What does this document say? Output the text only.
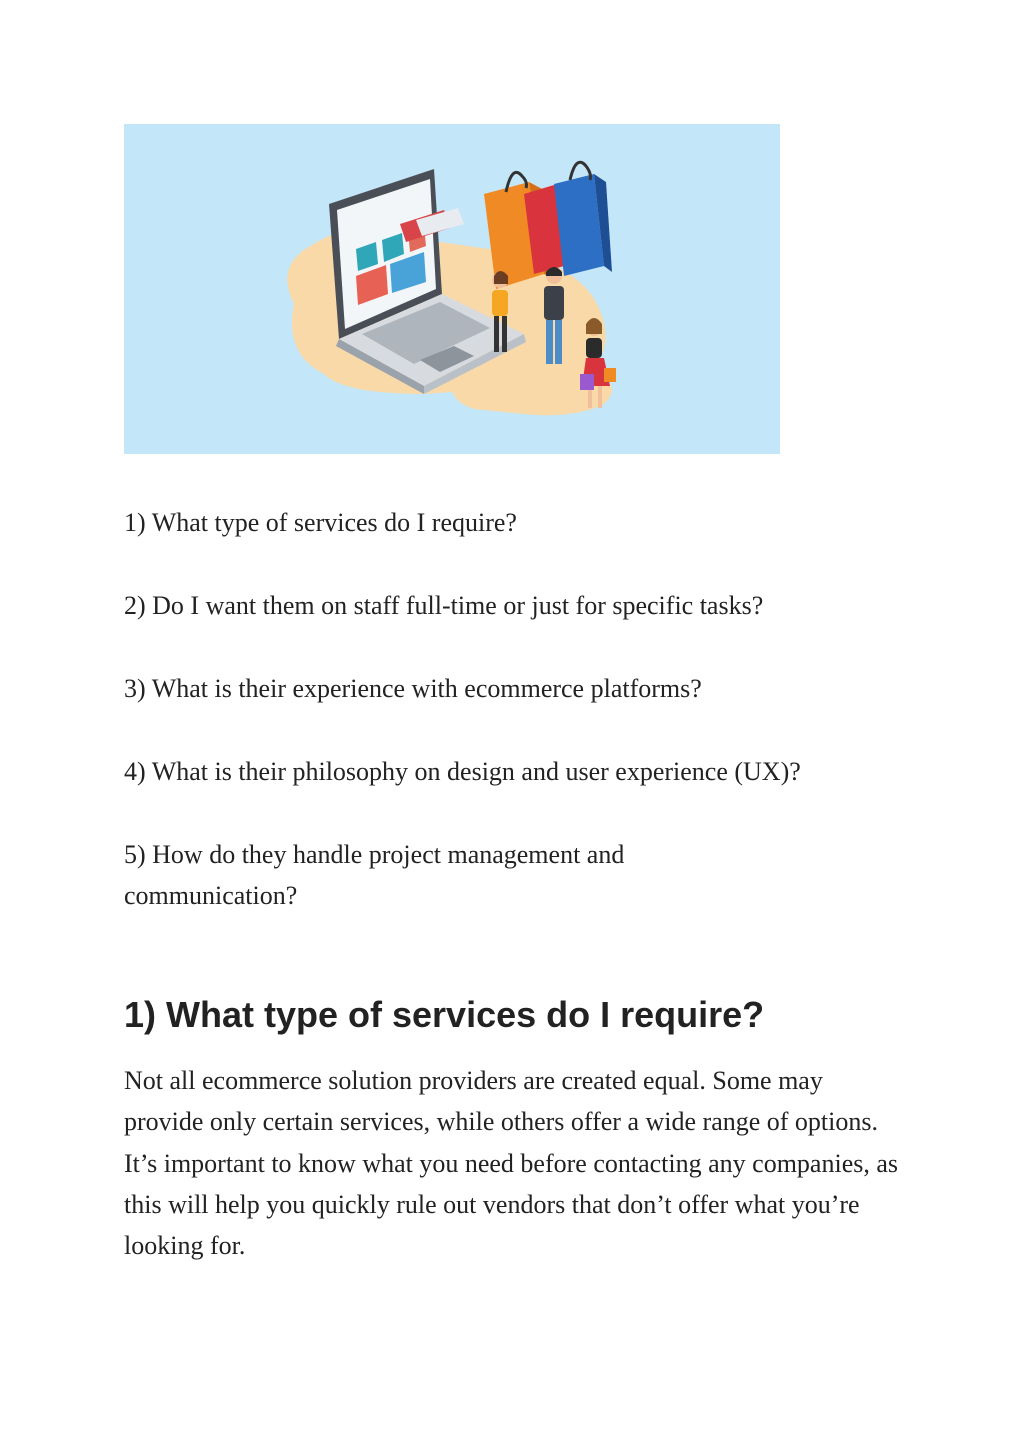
1) What type of services do I require?
2) Do I want them on staff full-time or just for specific tasks?
3) What is their experience with ecommerce platforms?
4) What is their philosophy on design and user experience (UX)?
5) How do they handle project management and communication?
1) What type of services do I require?

Not all ecommerce solution providers are created equal. Some may provide only certain services, while others offer a wide range of options. It’s important to know what you need before contacting any companies, as this will help you quickly rule out vendors that don’t offer what you’re looking for.
